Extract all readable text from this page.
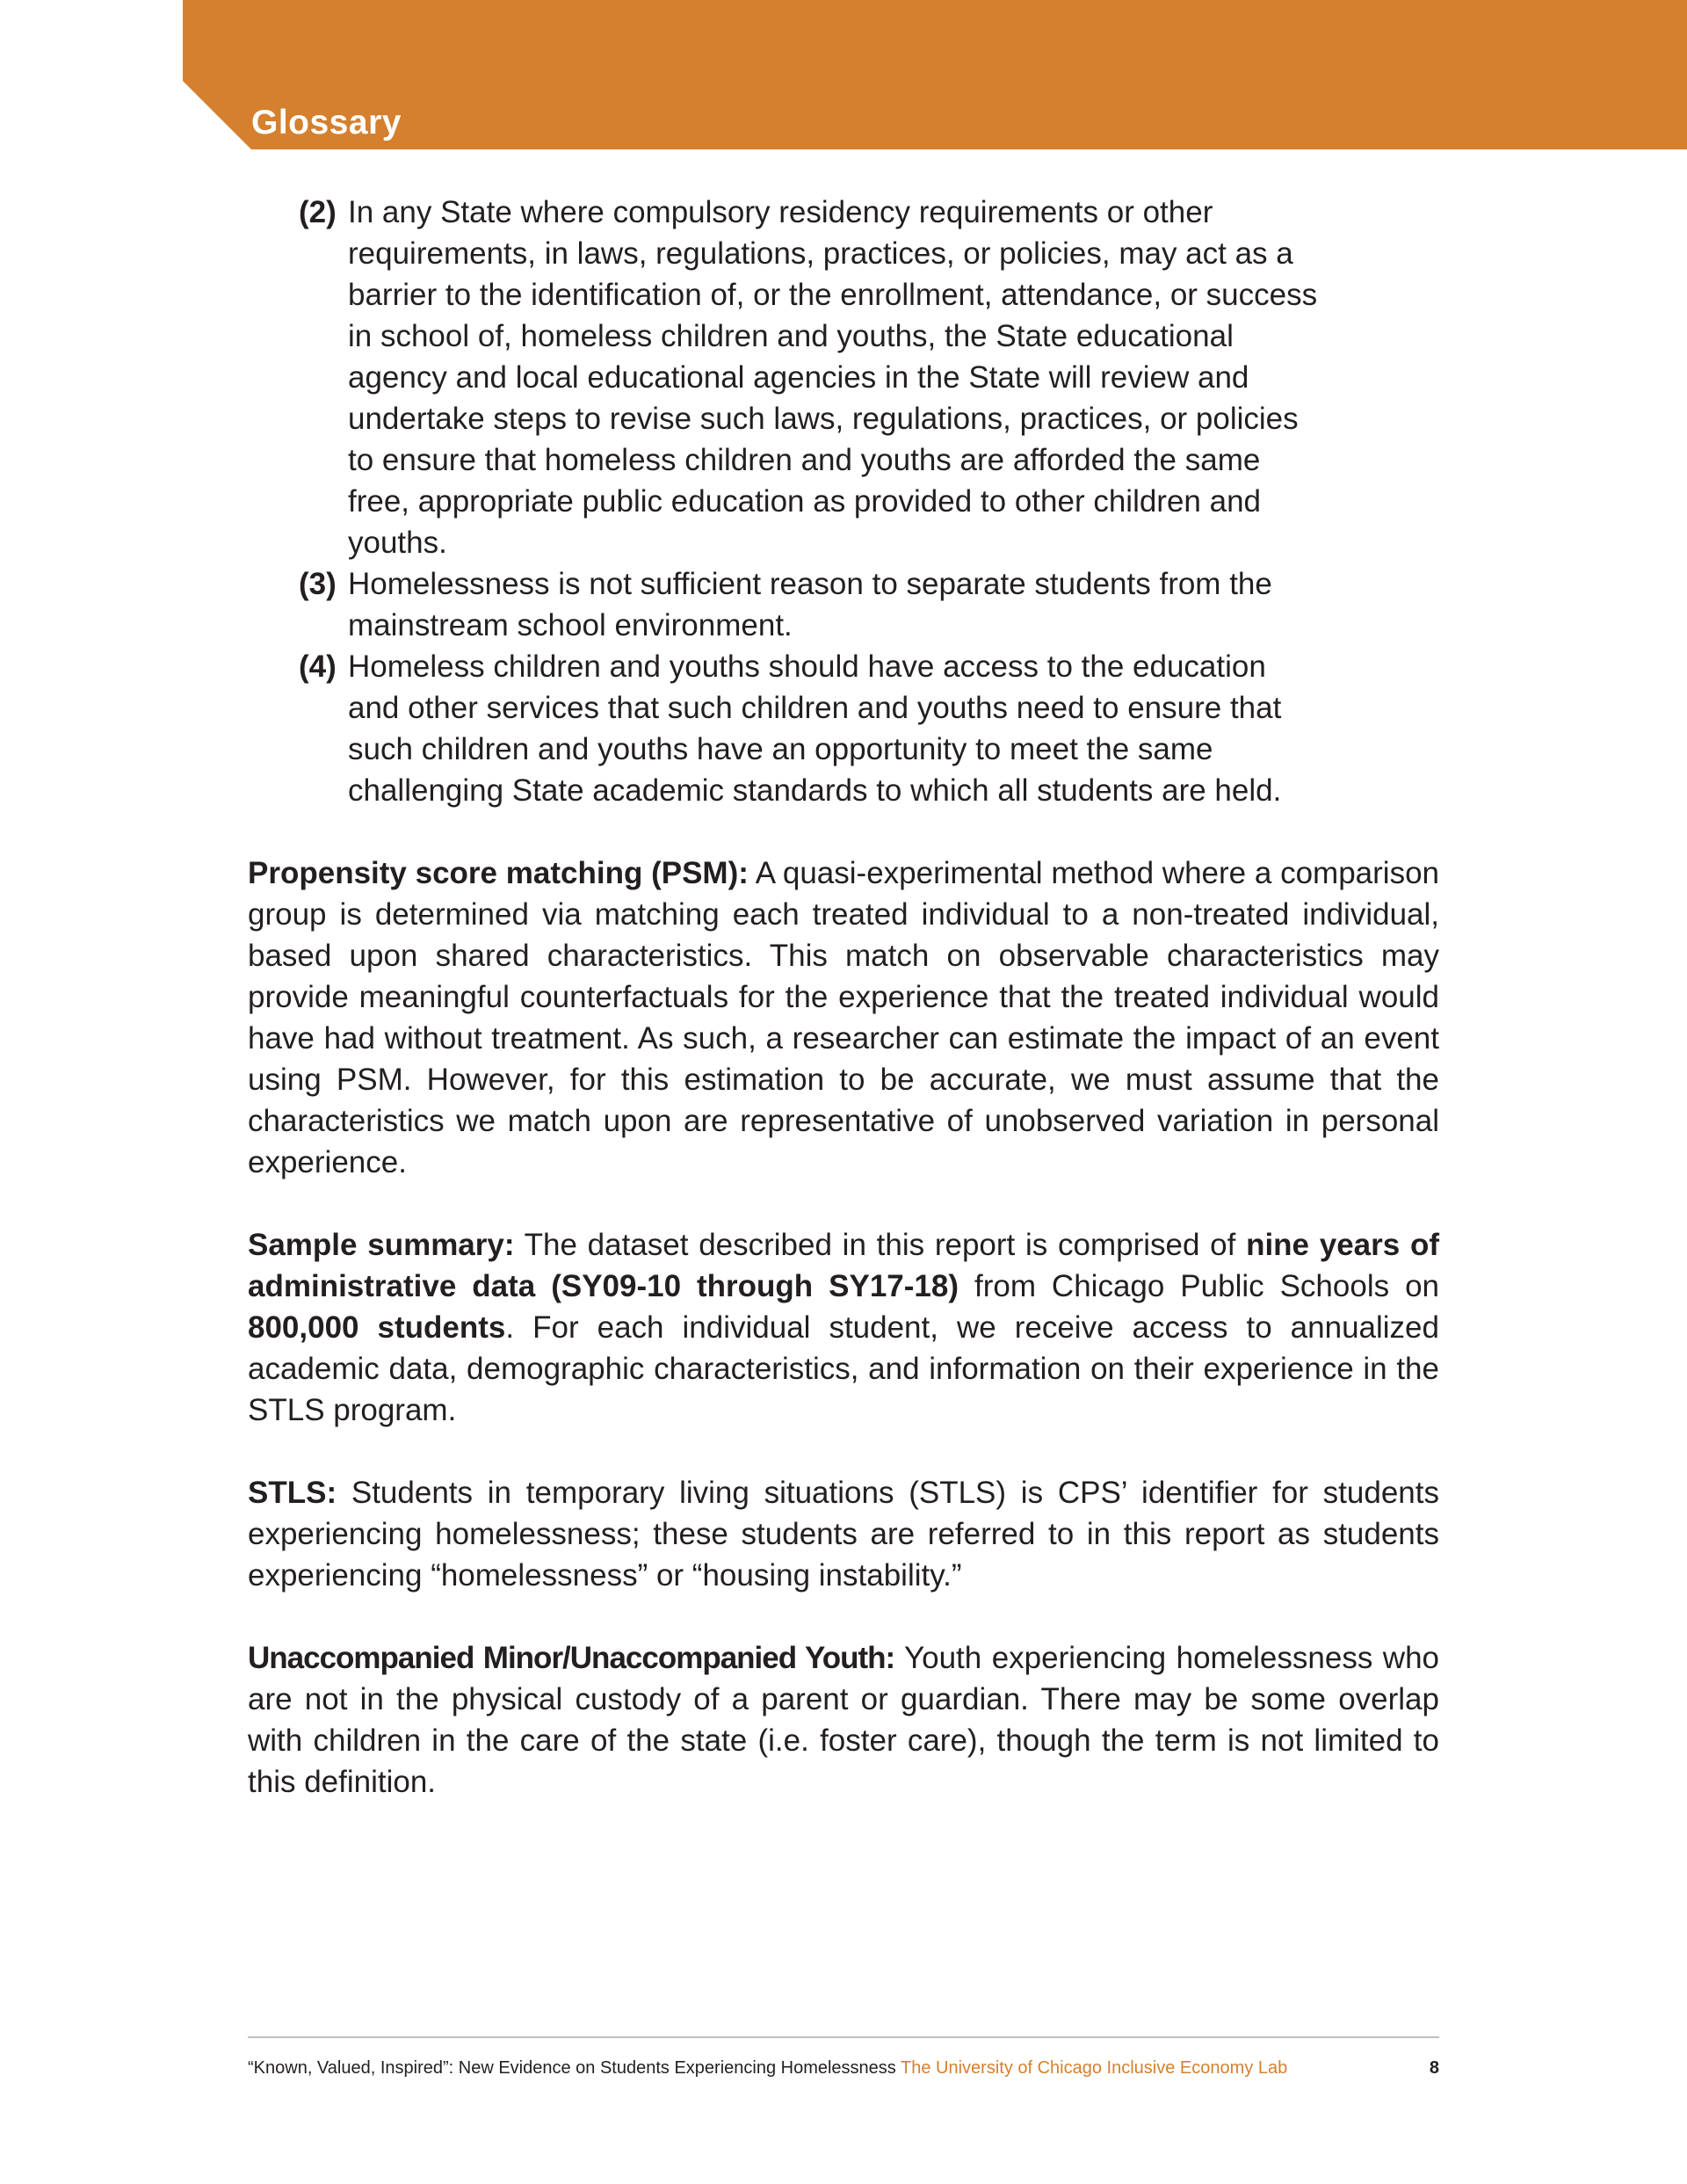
Glossary
(2) In any State where compulsory residency requirements or other requirements, in laws, regulations, practices, or policies, may act as a barrier to the identification of, or the enrollment, attendance, or success in school of, homeless children and youths, the State educational agency and local educational agencies in the State will review and undertake steps to revise such laws, regulations, practices, or policies to ensure that homeless children and youths are afforded the same free, appropriate public education as provided to other children and youths.
(3) Homelessness is not sufficient reason to separate students from the mainstream school environment.
(4) Homeless children and youths should have access to the education and other services that such children and youths need to ensure that such children and youths have an opportunity to meet the same challenging State academic standards to which all students are held.

Propensity score matching (PSM): A quasi-experimental method where a comparison group is determined via matching each treated individual to a non-treated individual, based upon shared characteristics. This match on observable characteristics may provide meaningful counterfactuals for the experience that the treated individual would have had without treatment. As such, a researcher can estimate the impact of an event using PSM. However, for this estimation to be accurate, we must assume that the characteristics we match upon are representative of unobserved variation in personal experience.

Sample summary: The dataset described in this report is comprised of nine years of administrative data (SY09-10 through SY17-18) from Chicago Public Schools on 800,000 students. For each individual student, we receive access to annualized academic data, demographic characteristics, and information on their experience in the STLS program.

STLS: Students in temporary living situations (STLS) is CPS’ identifier for students experiencing homelessness; these students are referred to in this report as students experiencing “homelessness” or “housing instability.”

Unaccompanied Minor/Unaccompanied Youth: Youth experiencing homelessness who are not in the physical custody of a parent or guardian. There may be some overlap with children in the care of the state (i.e. foster care), though the term is not limited to this definition.

“Known, Valued, Inspired”: New Evidence on Students Experiencing Homelessness The University of Chicago Inclusive Economy Lab	8
